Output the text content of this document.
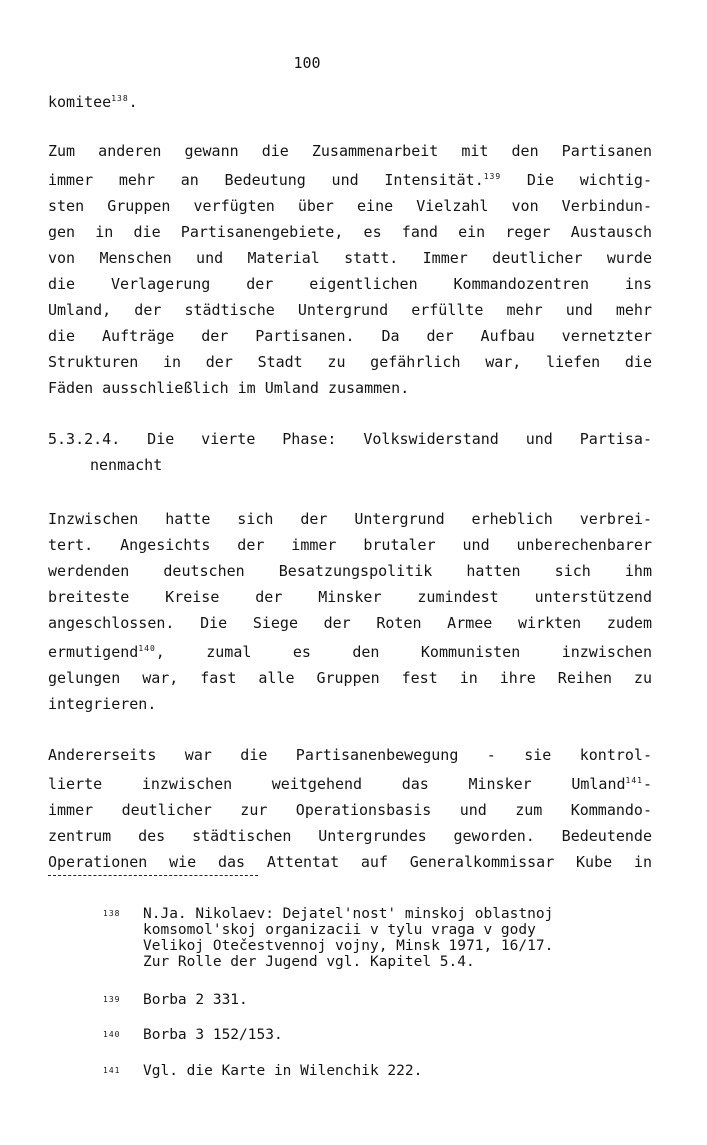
100
komitee$^{138}$.
Zum anderen gewann die Zusammenarbeit mit den Partisanen
immer mehr an Bedeutung und Intensität.$^{139}$ Die wichtig-
sten Gruppen verfügten über eine Vielzahl von Verbindun-
gen in die Partisanengebiete, es fand ein reger Austausch
von Menschen und Material statt. Immer deutlicher wurde
die Verlagerung der eigentlichen Kommandozentren ins
Umland, der städtische Untergrund erfüllte mehr und mehr
die Aufträge der Partisanen. Da der Aufbau vernetzter
Strukturen in der Stadt zu gefährlich war, liefen die
Fäden ausschließlich im Umland zusammen.
5.3.2.4. Die vierte Phase: Volkswiderstand und Partisa-
nenmacht
Inzwischen hatte sich der Untergrund erheblich verbrei-
tert. Angesichts der immer brutaler und unberechenbarer
werdenden deutschen Besatzungspolitik hatten sich ihm
breiteste Kreise der Minsker zumindest unterstützend
angeschlossen. Die Siege der Roten Armee wirkten zudem
ermutigend$^{140}$, zumal es den Kommunisten inzwischen
gelungen war, fast alle Gruppen fest in ihre Reihen zu
integrieren.
Andererseits war die Partisanenbewegung - sie kontrol-
lierte inzwischen weitgehend das Minsker Umland$^{141}$-
immer deutlicher zur Operationsbasis und zum Kommando-
zentrum des städtischen Untergrundes geworden. Bedeutende
Operationen wie das Attentat auf Generalkommissar Kube in
138 N.Ja. Nikolaev: Dejatel'nost' minskoj oblastnoj
komsomol'skoj organizacii v tylu vraga v gody
Velikoj Otečestvennoj vojny, Minsk 1971, 16/17.
Zur Rolle der Jugend vgl. Kapitel 5.4.
139 Borba 2 331.
140 Borba 3 152/153.
141 Vgl. die Karte in Wilenchik 222.
